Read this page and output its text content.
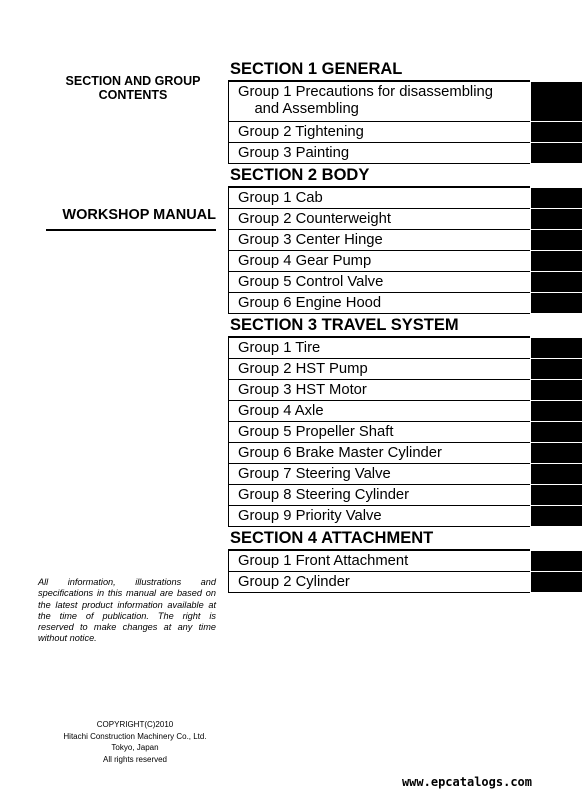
SECTION AND GROUP
CONTENTS
WORKSHOP MANUAL
All information, illustrations and specifications in this manual are based on the latest product information available at the time of publication. The right is reserved to make changes at any time without notice.
COPYRIGHT(C)2010
Hitachi Construction Machinery Co., Ltd.
Tokyo, Japan
All rights reserved
www.epcatalogs.com
SECTION 1 GENERAL
Group 1 Precautions for disassembling
and Assembling
Group 2 Tightening
Group 3 Painting
SECTION 2 BODY
Group 1 Cab
Group 2 Counterweight
Group 3 Center Hinge
Group 4 Gear Pump
Group 5 Control Valve
Group 6 Engine Hood
SECTION 3 TRAVEL SYSTEM
Group 1 Tire
Group 2 HST Pump
Group 3 HST Motor
Group 4 Axle
Group 5 Propeller Shaft
Group 6 Brake Master Cylinder
Group 7 Steering Valve
Group 8 Steering Cylinder
Group 9 Priority Valve
SECTION 4 ATTACHMENT
Group 1 Front Attachment
Group 2 Cylinder
